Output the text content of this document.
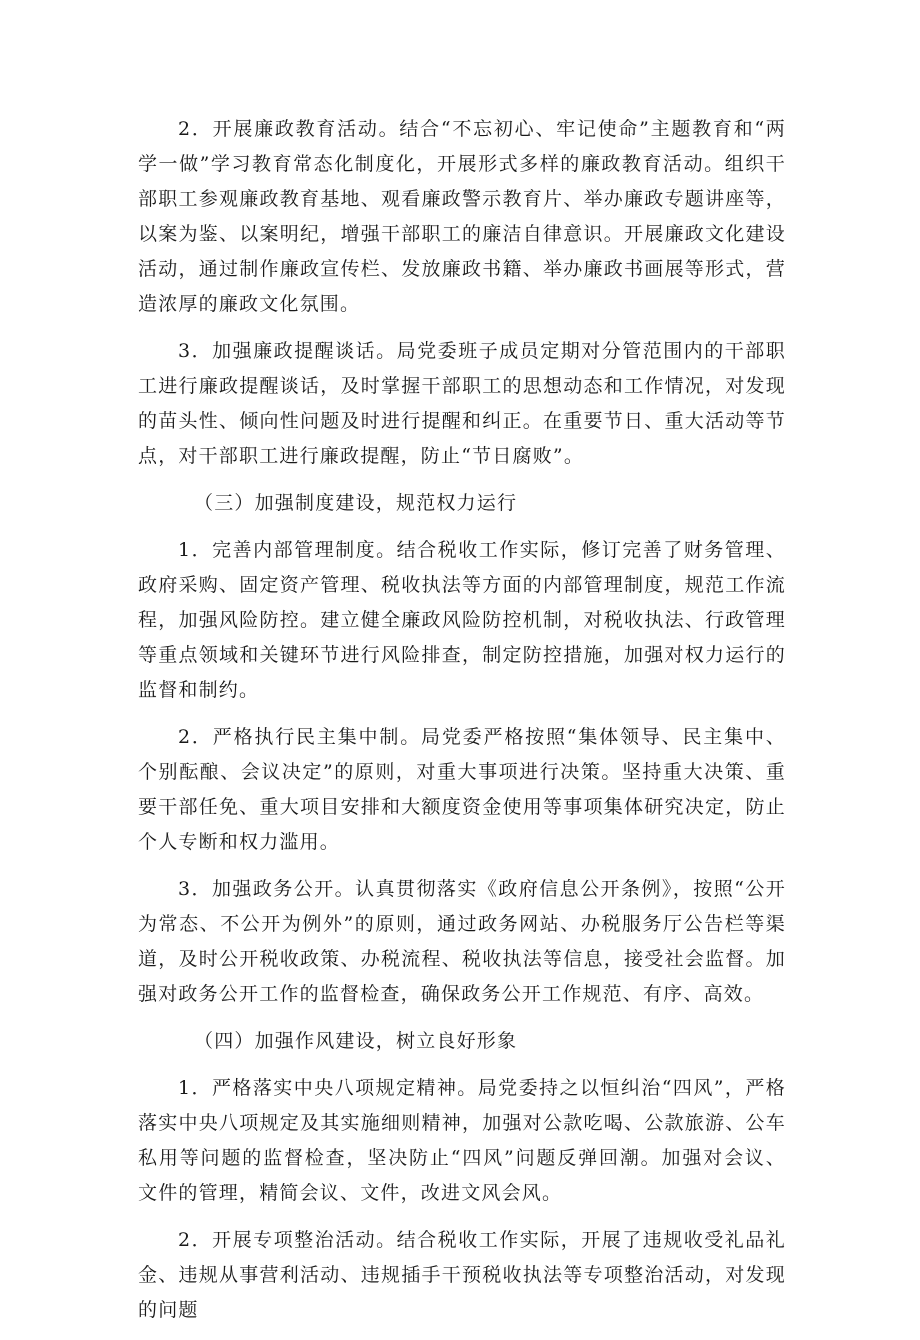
2．开展廉政教育活动。结合“不忘初心、牢记使命”主题教育和“两学一做”学习教育常态化制度化，开展形式多样的廉政教育活动。组织干部职工参观廉政教育基地、观看廉政警示教育片、举办廉政专题讲座等，以案为鉴、以案明纪，增强干部职工的廉洁自律意识。开展廉政文化建设活动，通过制作廉政宣传栏、发放廉政书籍、举办廉政书画展等形式，营造浓厚的廉政文化氛围。

3．加强廉政提醒谈话。局党委班子成员定期对分管范围内的干部职工进行廉政提醒谈话，及时掌握干部职工的思想动态和工作情况，对发现的苗头性、倾向性问题及时进行提醒和纠正。在重要节日、重大活动等节点，对干部职工进行廉政提醒，防止“节日腐败”。

（三）加强制度建设，规范权力运行

1．完善内部管理制度。结合税收工作实际，修订完善了财务管理、政府采购、固定资产管理、税收执法等方面的内部管理制度，规范工作流程，加强风险防控。建立健全廉政风险防控机制，对税收执法、行政管理等重点领域和关键环节进行风险排查，制定防控措施，加强对权力运行的监督和制约。

2．严格执行民主集中制。局党委严格按照“集体领导、民主集中、个别酝酿、会议决定”的原则，对重大事项进行决策。坚持重大决策、重要干部任免、重大项目安排和大额度资金使用等事项集体研究决定，防止个人专断和权力滥用。

3．加强政务公开。认真贯彻落实《政府信息公开条例》，按照“公开为常态、不公开为例外”的原则，通过政务网站、办税服务厅公告栏等渠道，及时公开税收政策、办税流程、税收执法等信息，接受社会监督。加强对政务公开工作的监督检查，确保政务公开工作规范、有序、高效。

（四）加强作风建设，树立良好形象

1．严格落实中央八项规定精神。局党委持之以恒纠治“四风”，严格落实中央八项规定及其实施细则精神，加强对公款吃喝、公款旅游、公车私用等问题的监督检查，坚决防止“四风”问题反弹回潮。加强对会议、文件的管理，精简会议、文件，改进文风会风。

2．开展专项整治活动。结合税收工作实际，开展了违规收受礼品礼金、违规从事营利活动、违规插手干预税收执法等专项整治活动，对发现的问题
